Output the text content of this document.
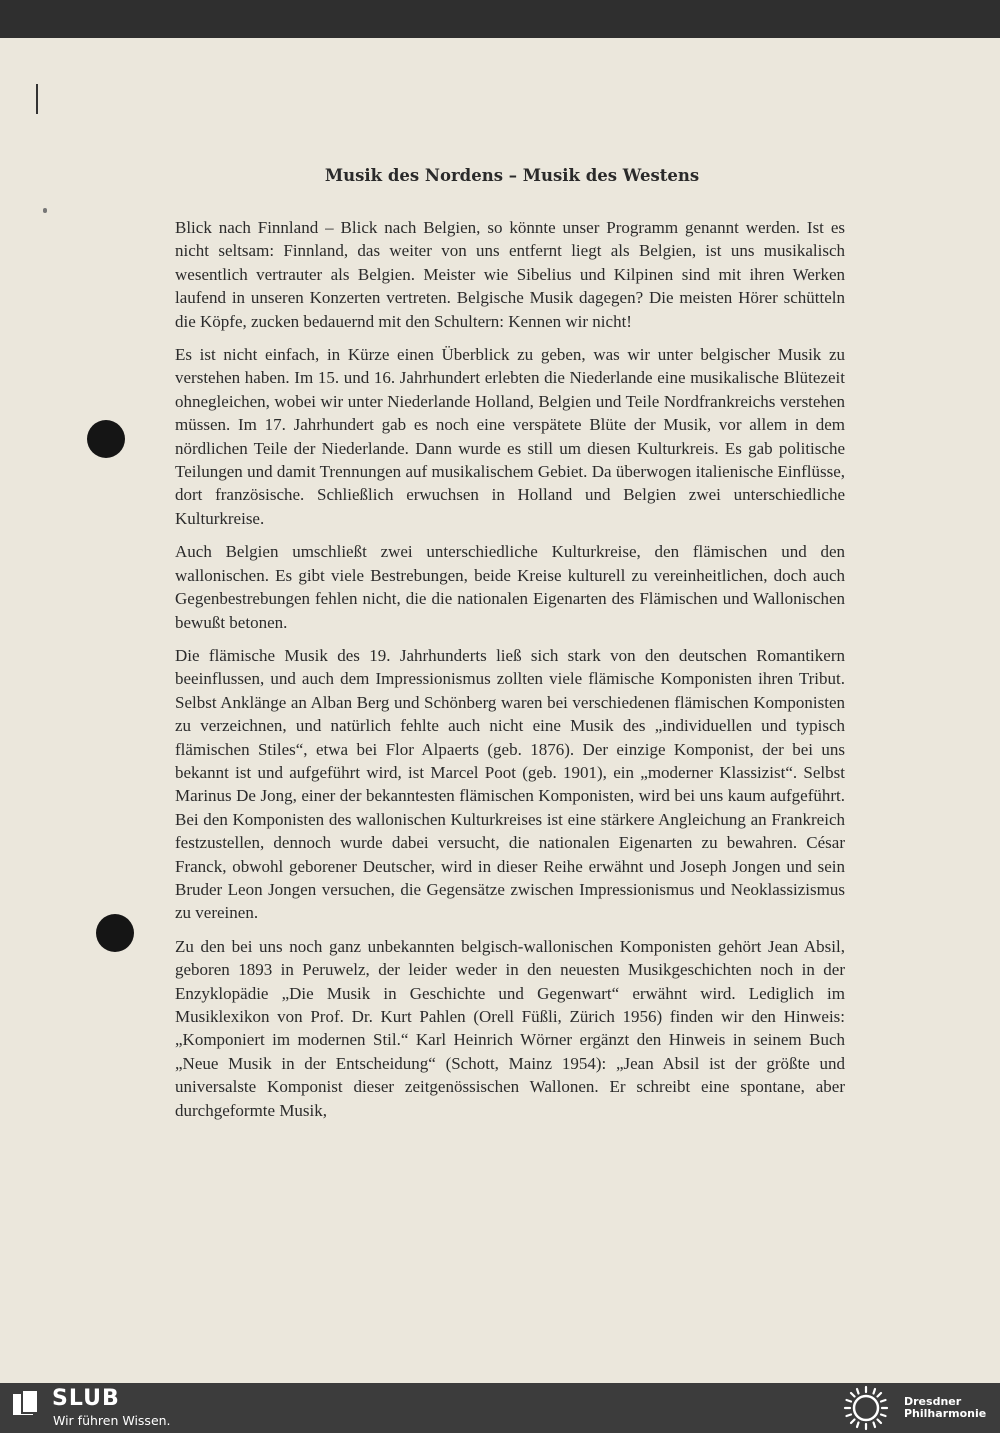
Musik des Nordens – Musik des Westens

Blick nach Finnland – Blick nach Belgien, so könnte unser Programm genannt werden. Ist es nicht seltsam: Finnland, das weiter von uns entfernt liegt als Belgien, ist uns musikalisch wesentlich vertrauter als Belgien. Meister wie Sibelius und Kilpinen sind mit ihren Werken laufend in unseren Konzerten vertreten. Belgische Musik dagegen? Die meisten Hörer schütteln die Köpfe, zucken bedauernd mit den Schultern: Kennen wir nicht!

Es ist nicht einfach, in Kürze einen Überblick zu geben, was wir unter belgischer Musik zu verstehen haben. Im 15. und 16. Jahrhundert erlebten die Niederlande eine musikalische Blütezeit ohnegleichen, wobei wir unter Niederlande Holland, Belgien und Teile Nordfrankreichs verstehen müssen. Im 17. Jahrhundert gab es noch eine verspätete Blüte der Musik, vor allem in dem nördlichen Teile der Niederlande. Dann wurde es still um diesen Kulturkreis. Es gab politische Teilungen und damit Trennungen auf musikalischem Gebiet. Da überwogen italienische Einflüsse, dort französische. Schließlich erwuchsen in Holland und Belgien zwei unterschiedliche Kulturkreise.

Auch Belgien umschließt zwei unterschiedliche Kulturkreise, den flämischen und den wallonischen. Es gibt viele Bestrebungen, beide Kreise kulturell zu vereinheitlichen, doch auch Gegenbestrebungen fehlen nicht, die die nationalen Eigenarten des Flämischen und Wallonischen bewußt betonen.

Die flämische Musik des 19. Jahrhunderts ließ sich stark von den deutschen Romantikern beeinflussen, und auch dem Impressionismus zollten viele flämische Komponisten ihren Tribut. Selbst Anklänge an Alban Berg und Schönberg waren bei verschiedenen flämischen Komponisten zu verzeichnen, und natürlich fehlte auch nicht eine Musik des „individuellen und typisch flämischen Stiles“, etwa bei Flor Alpaerts (geb. 1876). Der einzige Komponist, der bei uns bekannt ist und aufgeführt wird, ist Marcel Poot (geb. 1901), ein „moderner Klassizist“. Selbst Marinus De Jong, einer der bekanntesten flämischen Komponisten, wird bei uns kaum aufgeführt. Bei den Komponisten des wallonischen Kulturkreises ist eine stärkere Angleichung an Frankreich festzustellen, dennoch wurde dabei versucht, die nationalen Eigenarten zu bewahren. César Franck, obwohl geborener Deutscher, wird in dieser Reihe erwähnt und Joseph Jongen und sein Bruder Leon Jongen versuchen, die Gegensätze zwischen Impressionismus und Neoklassizismus zu vereinen.

Zu den bei uns noch ganz unbekannten belgisch-wallonischen Komponisten gehört Jean Absil, geboren 1893 in Peruwelz, der leider weder in den neuesten Musikgeschichten noch in der Enzyklopädie „Die Musik in Geschichte und Gegenwart“ erwähnt wird. Lediglich im Musiklexikon von Prof. Dr. Kurt Pahlen (Orell Füßli, Zürich 1956) finden wir den Hinweis: „Komponiert im modernen Stil.“ Karl Heinrich Wörner ergänzt den Hinweis in seinem Buch „Neue Musik in der Entscheidung“ (Schott, Mainz 1954): „Jean Absil ist der größte und universalste Komponist dieser zeitgenössischen Wallonen. Er schreibt eine spontane, aber durchgeformte Musik,

SLUB
Wir führen Wissen.
Dresdner
Philharmonie
